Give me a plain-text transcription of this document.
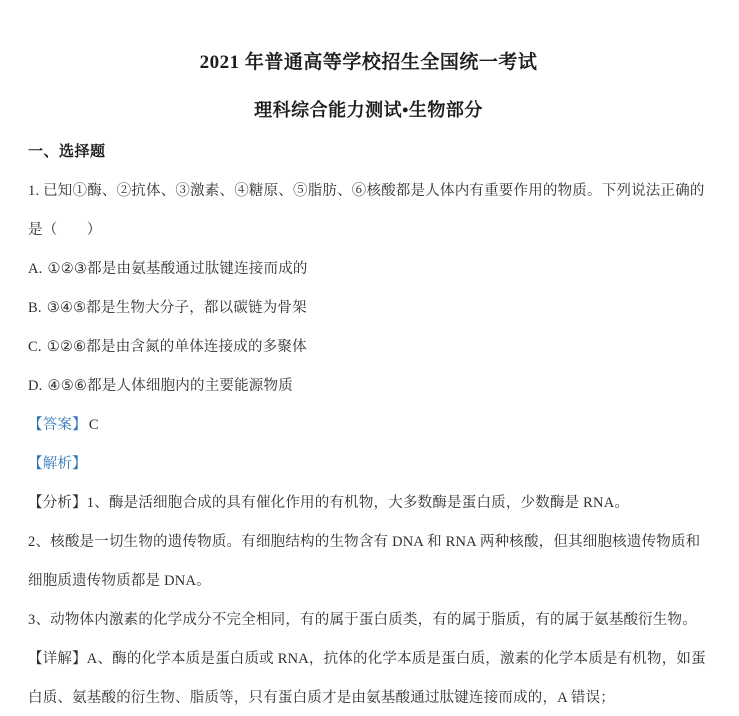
2021 年普通高等学校招生全国统一考试
理科综合能力测试•生物部分
一、选择题

1. 已知①酶、②抗体、③激素、④糖原、⑤脂肪、⑥核酸都是人体内有重要作用的物质。下列说法正确的

是（　　）

A. ①②③都是由氨基酸通过肽键连接而成的

B. ③④⑤都是生物大分子，都以碳链为骨架

C. ①②⑥都是由含氮的单体连接成的多聚体

D. ④⑤⑥都是人体细胞内的主要能源物质

【答案】 C

【解析】

【分析】1、酶是活细胞合成的具有催化作用的有机物，大多数酶是蛋白质，少数酶是 RNA。

2、核酸是一切生物的遗传物质。有细胞结构的生物含有 DNA 和 RNA 两种核酸，但其细胞核遗传物质和

细胞质遗传物质都是 DNA。

3、动物体内激素的化学成分不完全相同，有的属于蛋白质类，有的属于脂质，有的属于氨基酸衍生物。

【详解】A、酶的化学本质是蛋白质或 RNA，抗体的化学本质是蛋白质，激素的化学本质是有机物，如蛋

白质、氨基酸的衍生物、脂质等，只有蛋白质才是由氨基酸通过肽键连接而成的，A 错误；
